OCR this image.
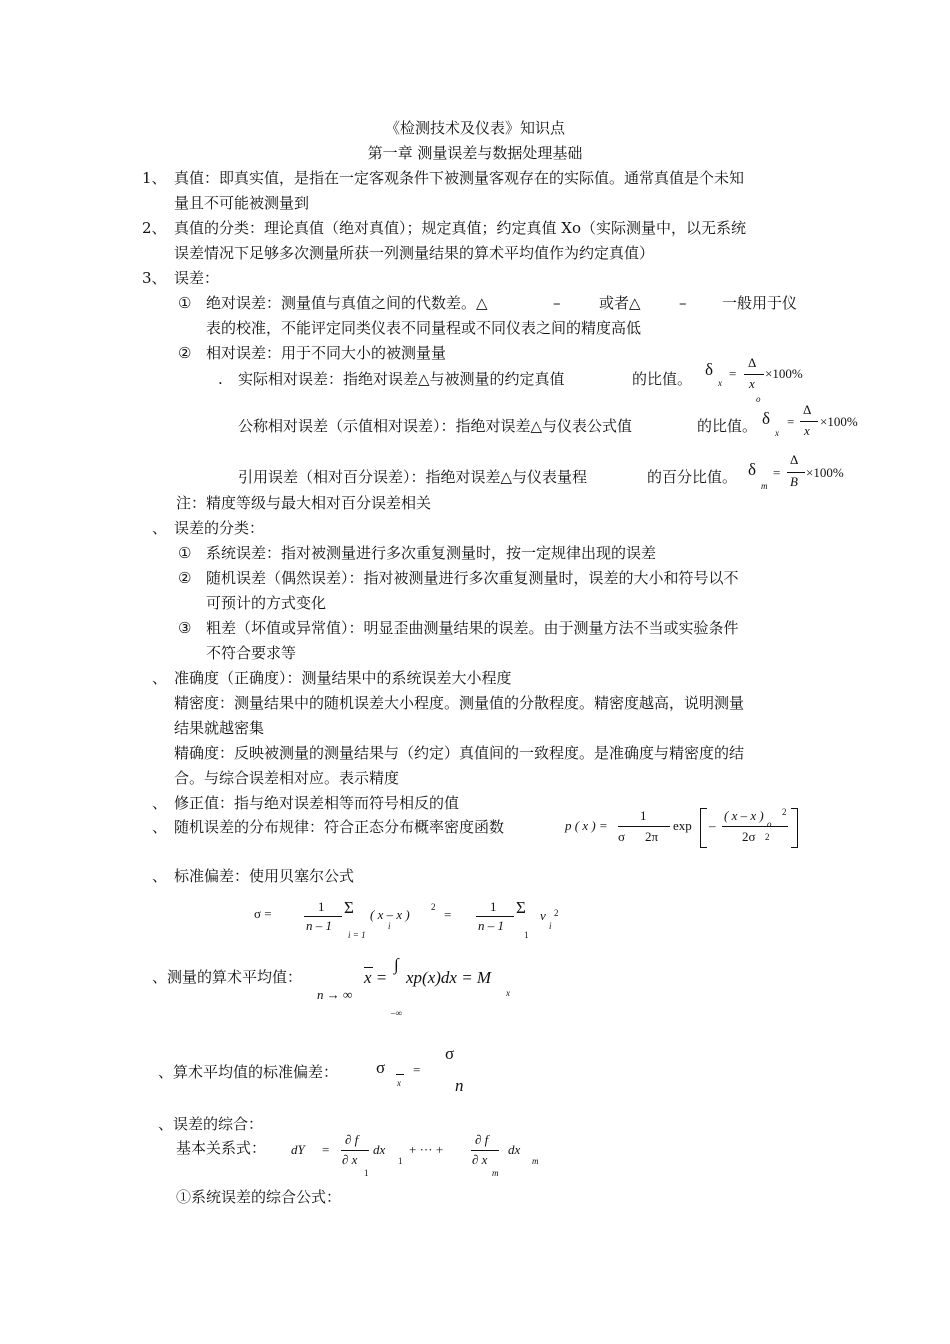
《检测技术及仪表》知识点
第一章 测量误差与数据处理基础
1、 真值：即真实值，是指在一定客观条件下被测量客观存在的实际值。通常真值是个未知
量且不可能被测量到
2、 真值的分类：理论真值（绝对真值）；规定真值；约定真值 Xo（实际测量中，以无系统
误差情况下足够多次测量所获一列测量结果的算术平均值作为约定真值）
3、 误差：
① 绝对误差：测量值与真值之间的代数差。△	–	或者△	– 一般用于仪
表的校准，不能评定同类仪表不同量程或不同仪表之间的精度高低
② 相对误差：用于不同大小的被测量量
. 实际相对误差：指绝对误差△与被测量的约定真值	的比值。 δ
x
=
Δ
x
o
×100%
公称相对误差（示值相对误差）：指绝对误差△与仪表公式值	的比值。 δ
x
=
Δ
x
×100%
引用误差（相对百分误差）：指绝对误差△与仪表量程	的百分比值。 δ
m
=
Δ
B
×100%
注：精度等级与最大相对百分误差相关
、 误差的分类：
① 系统误差：指对被测量进行多次重复测量时，按一定规律出现的误差
② 随机误差（偶然误差）：指对被测量进行多次重复测量时，误差的大小和符号以不
可预计的方式变化
③ 粗差（坏值或异常值）：明显歪曲测量结果的误差。由于测量方法不当或实验条件
不符合要求等
、 准确度（正确度）：测量结果中的系统误差大小程度
精密度：测量结果中的随机误差大小程度。测量值的分散程度。精密度越高，说明测量
结果就越密集
精确度：反映被测量的测量结果与（约定）真值间的一致程度。是准确度与精密度的结
合。与综合误差相对应。表示精度
、 修正值：指与绝对误差相等而符号相反的值
、 随机误差的分布规律：符合正态分布概率密度函数	p ( x ) =
1
σ 2π
exp –
( x – x ) 2
o
2σ 2
、 标准偏差：使用贝塞尔公式
σ =	1
n – 1
Σ
i = 1
( x – x )
i
2 =
1
n – 1
Σ
1
v
i
2
、测量的算术平均值：	x =
∫
xp(x)dx = M
x
n → ∞
–∞
、算术平均值的标准偏差： σ
x
=
σ
n
、误差的综合：
基本关系式： dY =
∂ f
∂ x
1
dx
1
+ ··· +
∂ f
∂ x
m
dx
m
①系统误差的综合公式：
